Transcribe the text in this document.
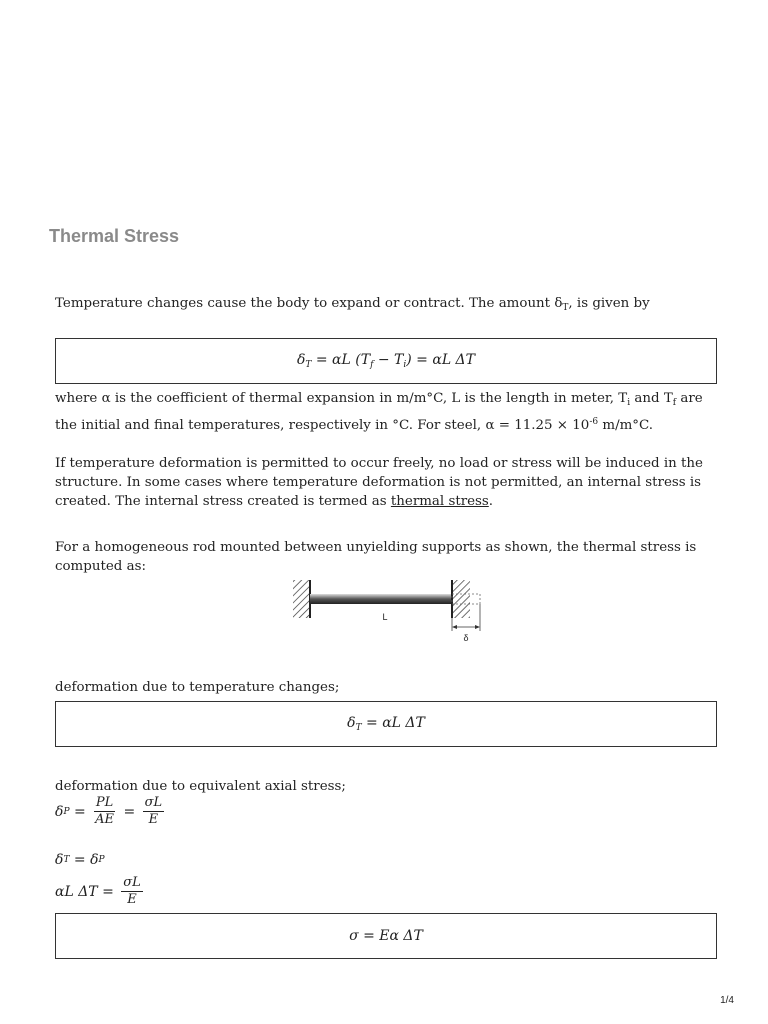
Thermal Stress

Temperature changes cause the body to expand or contract. The amount $\delta_T$, is given by

$\delta_T = \alpha L$ $(T_f - T_i) = \alpha L$ ΔT

where α is the coefficient of thermal expansion in m/m°C, L is the length in meter, $T_i$ and $T_f$ are the initial and final temperatures, respectively in °C. For steel, $\alpha = 11.25 \times 10^{-6}$ m/m°C.

If temperature deformation is permitted to occur freely, no load or stress will be induced in the structure. In some cases where temperature deformation is not permitted, an internal stress is created. The internal stress created is termed as thermal stress.

For a homogeneous rod mounted between unyielding supports as shown, the thermal stress is computed as:

L
δ

deformation due to temperature changes;

$\delta_T = \alpha L$ ΔT

deformation due to equivalent axial stress;

δ $P = \frac{PL}{AE} = \frac{\sigma L}{E}$
δ T = δ P
αL $\Delta T = \frac{\sigma L}{E}$
σ = Eα ΔT
1/4
